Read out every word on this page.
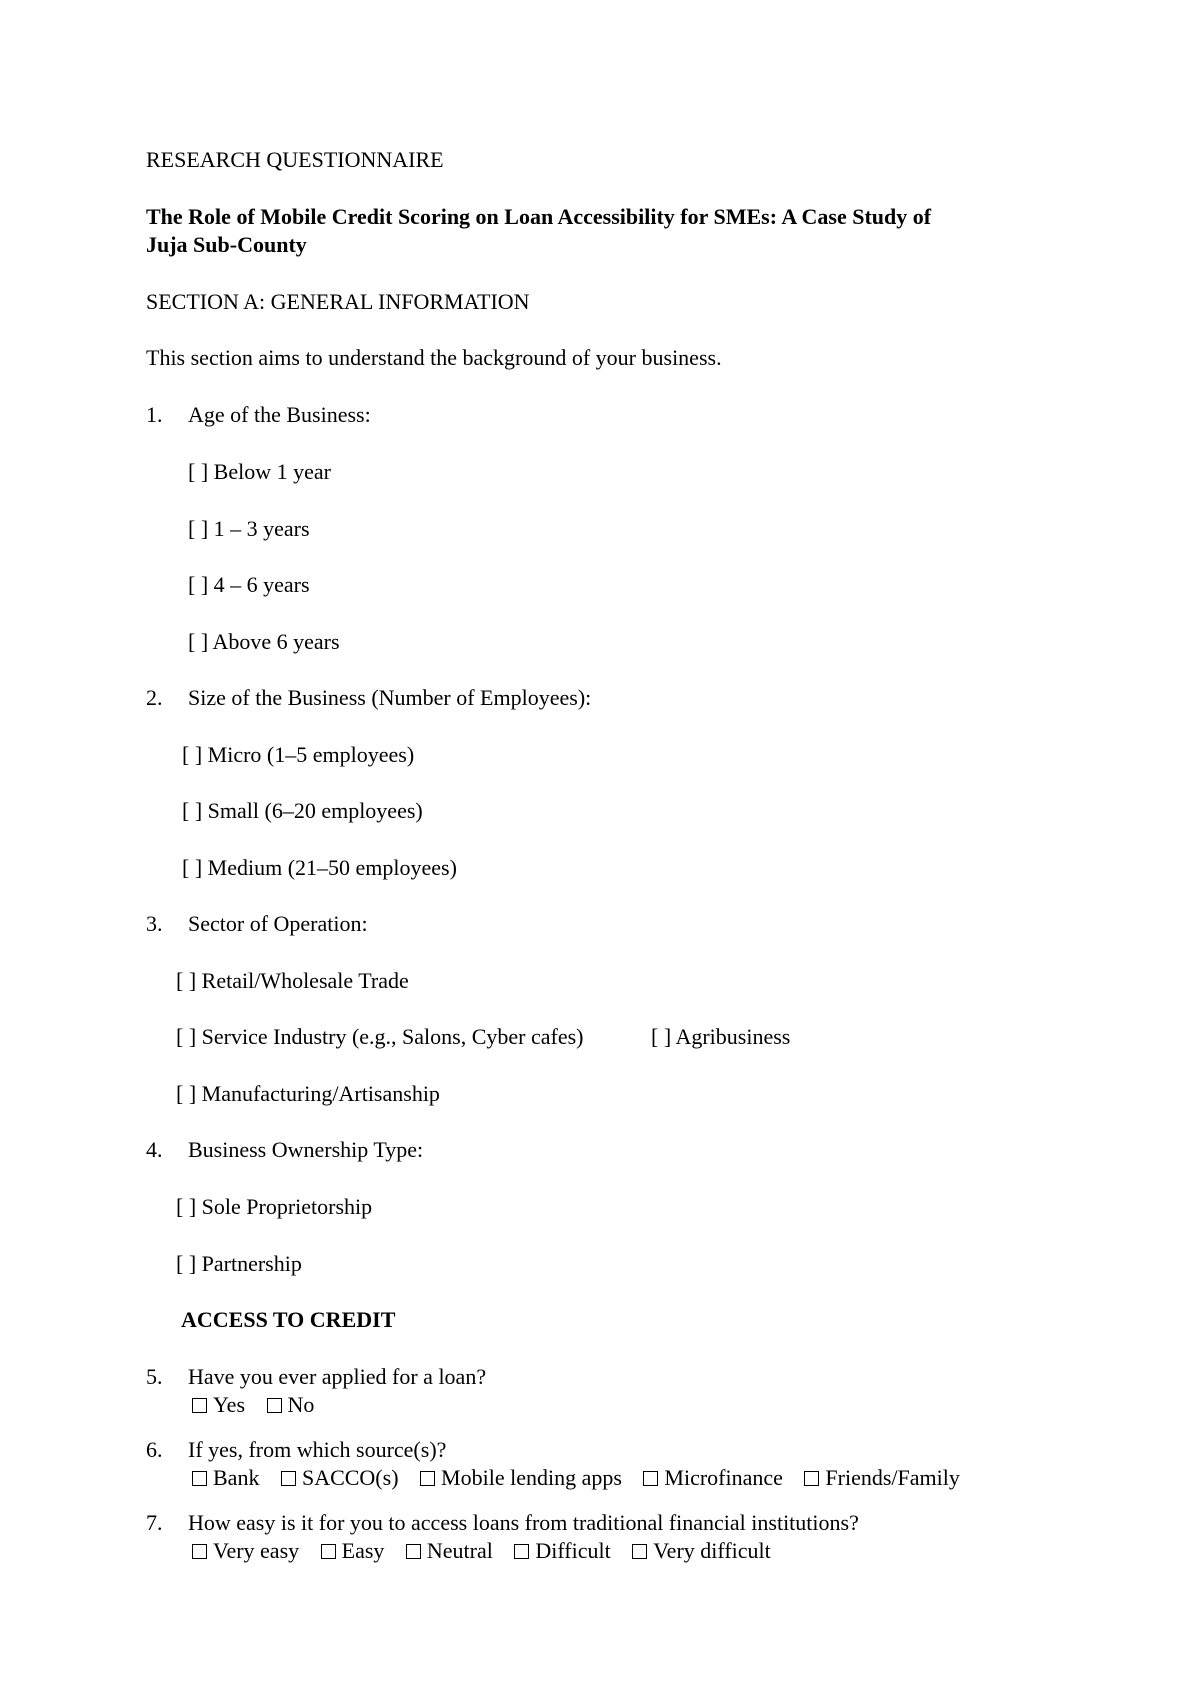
RESEARCH QUESTIONNAIRE
The Role of Mobile Credit Scoring on Loan Accessibility for SMEs: A Case Study of
Juja Sub-County
SECTION A: GENERAL INFORMATION
This section aims to understand the background of your business.
1. Age of the Business:
[ ] Below 1 year
[ ] 1 – 3 years
[ ] 4 – 6 years
[ ] Above 6 years
2. Size of the Business (Number of Employees):
[ ] Micro (1–5 employees)
[ ] Small (6–20 employees)
[ ] Medium (21–50 employees)
3. Sector of Operation:
[ ] Retail/Wholesale Trade
[ ] Service Industry (e.g., Salons, Cyber cafes)	[ ] Agribusiness
[ ] Manufacturing/Artisanship
4. Business Ownership Type:
[ ] Sole Proprietorship
[ ] Partnership
ACCESS TO CREDIT
5. Have you ever applied for a loan?
Yes No
6. If yes, from which source(s)?
Bank SACCO(s) Mobile lending apps Microfinance Friends/Family
7. How easy is it for you to access loans from traditional financial institutions?
Very easy Easy Neutral Difficult Very difficult
